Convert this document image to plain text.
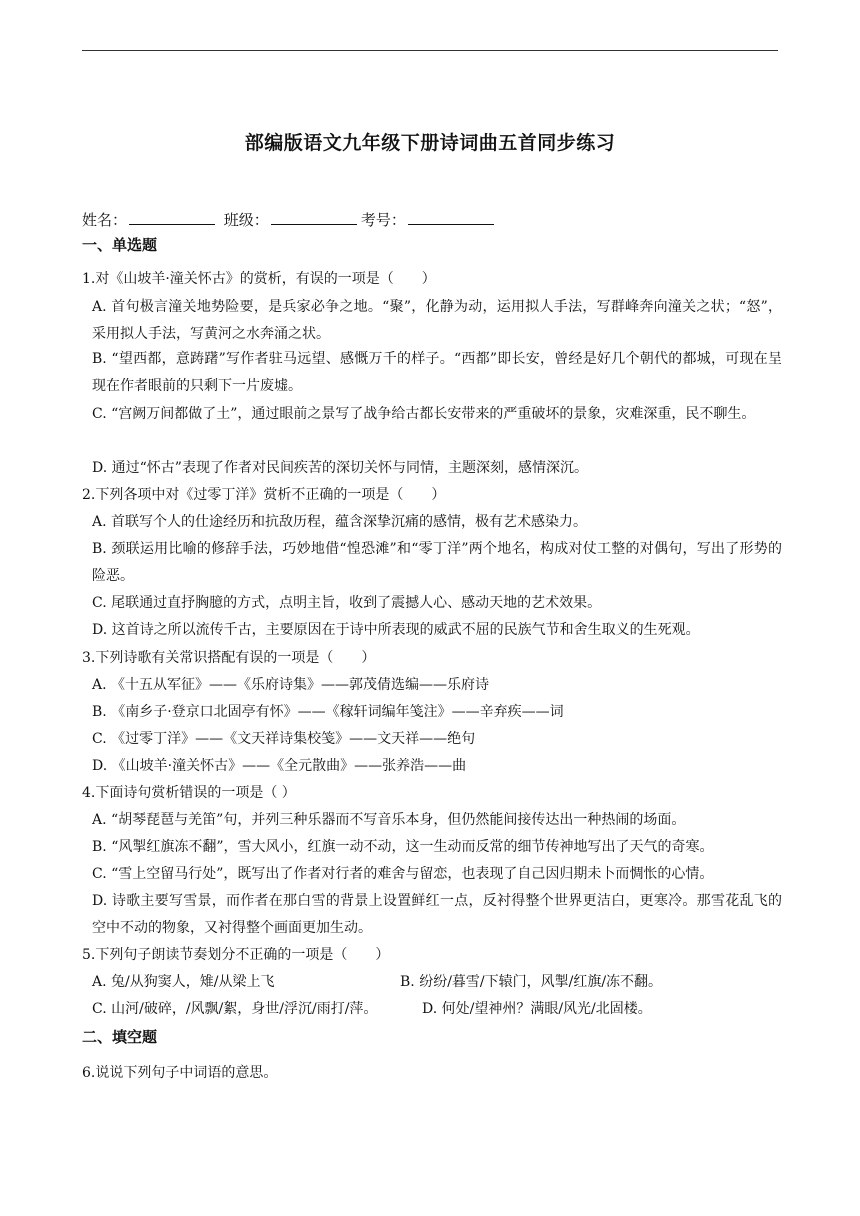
部编版语文九年级下册诗词曲五首同步练习
姓名：	班级：	考号：
一、单选题
1.对《山坡羊·潼关怀古》的赏析，有误的一项是（　　）
A. 首句极言潼关地势险要，是兵家必争之地。“聚”，化静为动，运用拟人手法，写群峰奔向潼关之状；“怒”，采用拟人手法，写黄河之水奔涌之状。
B. “望西都，意踌躇”写作者驻马远望、感慨万千的样子。“西都”即长安，曾经是好几个朝代的都城，可现在呈现在作者眼前的只剩下一片废墟。
C. “宫阙万间都做了土”，通过眼前之景写了战争给古都长安带来的严重破坏的景象，灾难深重，民不聊生。
D. 通过“怀古”表现了作者对民间疾苦的深切关怀与同情，主题深刻，感情深沉。
2.下列各项中对《过零丁洋》赏析不正确的一项是（　　）
A. 首联写个人的仕途经历和抗敌历程，蕴含深挚沉痛的感情，极有艺术感染力。
B. 颈联运用比喻的修辞手法，巧妙地借“惶恐滩”和“零丁洋”两个地名，构成对仗工整的对偶句，写出了形势的险恶。
C. 尾联通过直抒胸臆的方式，点明主旨，收到了震撼人心、感动天地的艺术效果。
D. 这首诗之所以流传千古，主要原因在于诗中所表现的威武不屈的民族气节和舍生取义的生死观。
3.下列诗歌有关常识搭配有误的一项是（　　）
A. 《十五从军征》——《乐府诗集》——郭茂倩选编——乐府诗
B. 《南乡子·登京口北固亭有怀》——《稼轩词编年笺注》——辛弃疾——词
C. 《过零丁洋》——《文天祥诗集校笺》——文天祥——绝句
D. 《山坡羊·潼关怀古》——《全元散曲》——张养浩——曲
4.下面诗句赏析错误的一项是（ ）
A. “胡琴琵琶与羌笛”句，并列三种乐器而不写音乐本身，但仍然能间接传达出一种热闹的场面。
B. “风掣红旗冻不翻”，雪大风小，红旗一动不动，这一生动而反常的细节传神地写出了天气的奇寒。
C. “雪上空留马行处”，既写出了作者对行者的难舍与留恋，也表现了自己因归期未卜而惆怅的心情。
D. 诗歌主要写雪景，而作者在那白雪的背景上设置鲜红一点，反衬得整个世界更洁白，更寒冷。那雪花乱飞的空中不动的物象，又衬得整个画面更加生动。
5.下列句子朗读节奏划分不正确的一项是（　　）
A. 兔/从狗窦人，雉/从梁上飞	B. 纷纷/暮雪/下辕门，风掣/红旗/冻不翻。
C. 山河/破碎，/风飘/絮，身世/浮沉/雨打/萍。	D. 何处/望神州？满眼/风光/北固楼。
二、填空题
6.说说下列句子中词语的意思。
